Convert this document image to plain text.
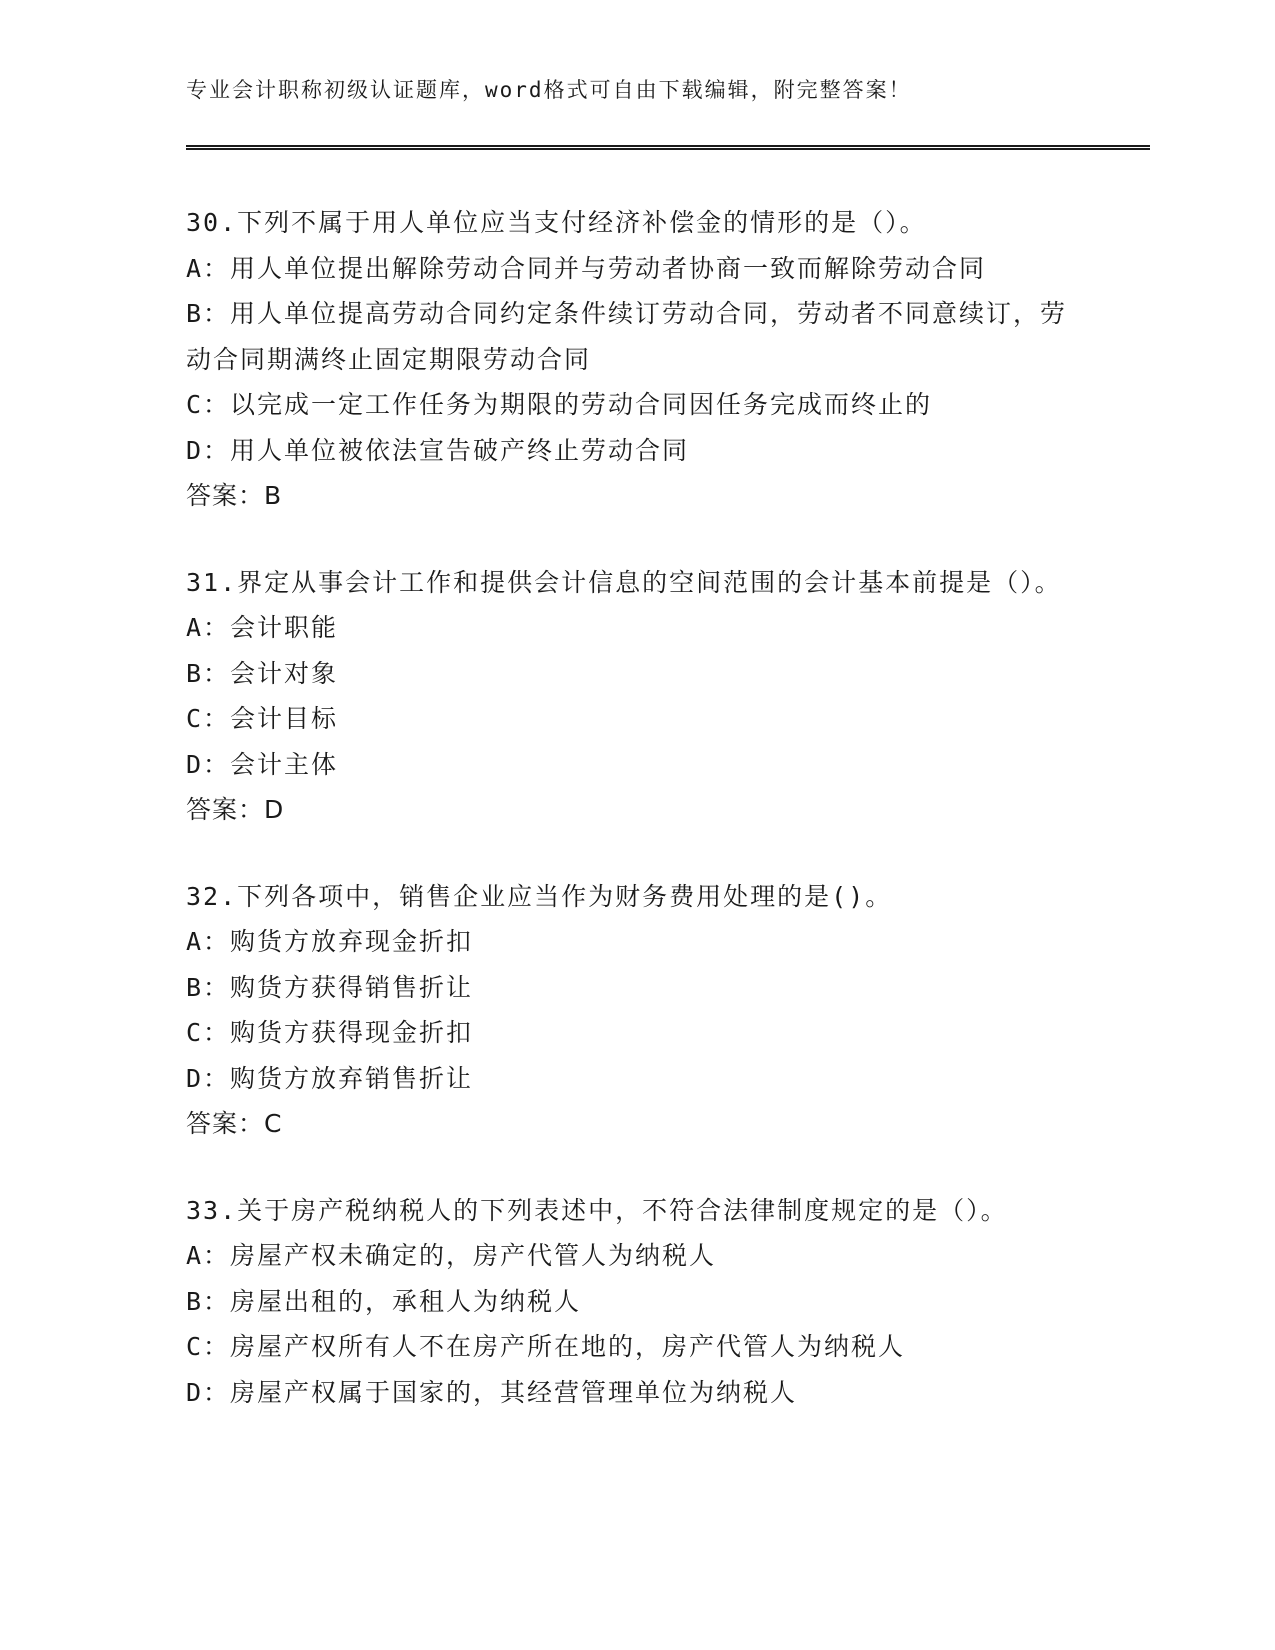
专业会计职称初级认证题库，word格式可自由下载编辑，附完整答案！
30.下列不属于用人单位应当支付经济补偿金的情形的是（）。
A：用人单位提出解除劳动合同并与劳动者协商一致而解除劳动合同
B：用人单位提高劳动合同约定条件续订劳动合同，劳动者不同意续订，劳动合同期满终止固定期限劳动合同
C：以完成一定工作任务为期限的劳动合同因任务完成而终止的
D：用人单位被依法宣告破产终止劳动合同
答案：B
31.界定从事会计工作和提供会计信息的空间范围的会计基本前提是（）。
A：会计职能
B：会计对象
C：会计目标
D：会计主体
答案：D
32.下列各项中，销售企业应当作为财务费用处理的是()。
A：购货方放弃现金折扣
B：购货方获得销售折让
C：购货方获得现金折扣
D：购货方放弃销售折让
答案：C
33.关于房产税纳税人的下列表述中，不符合法律制度规定的是（）。
A：房屋产权未确定的，房产代管人为纳税人
B：房屋出租的，承租人为纳税人
C：房屋产权所有人不在房产所在地的，房产代管人为纳税人
D：房屋产权属于国家的，其经营管理单位为纳税人
